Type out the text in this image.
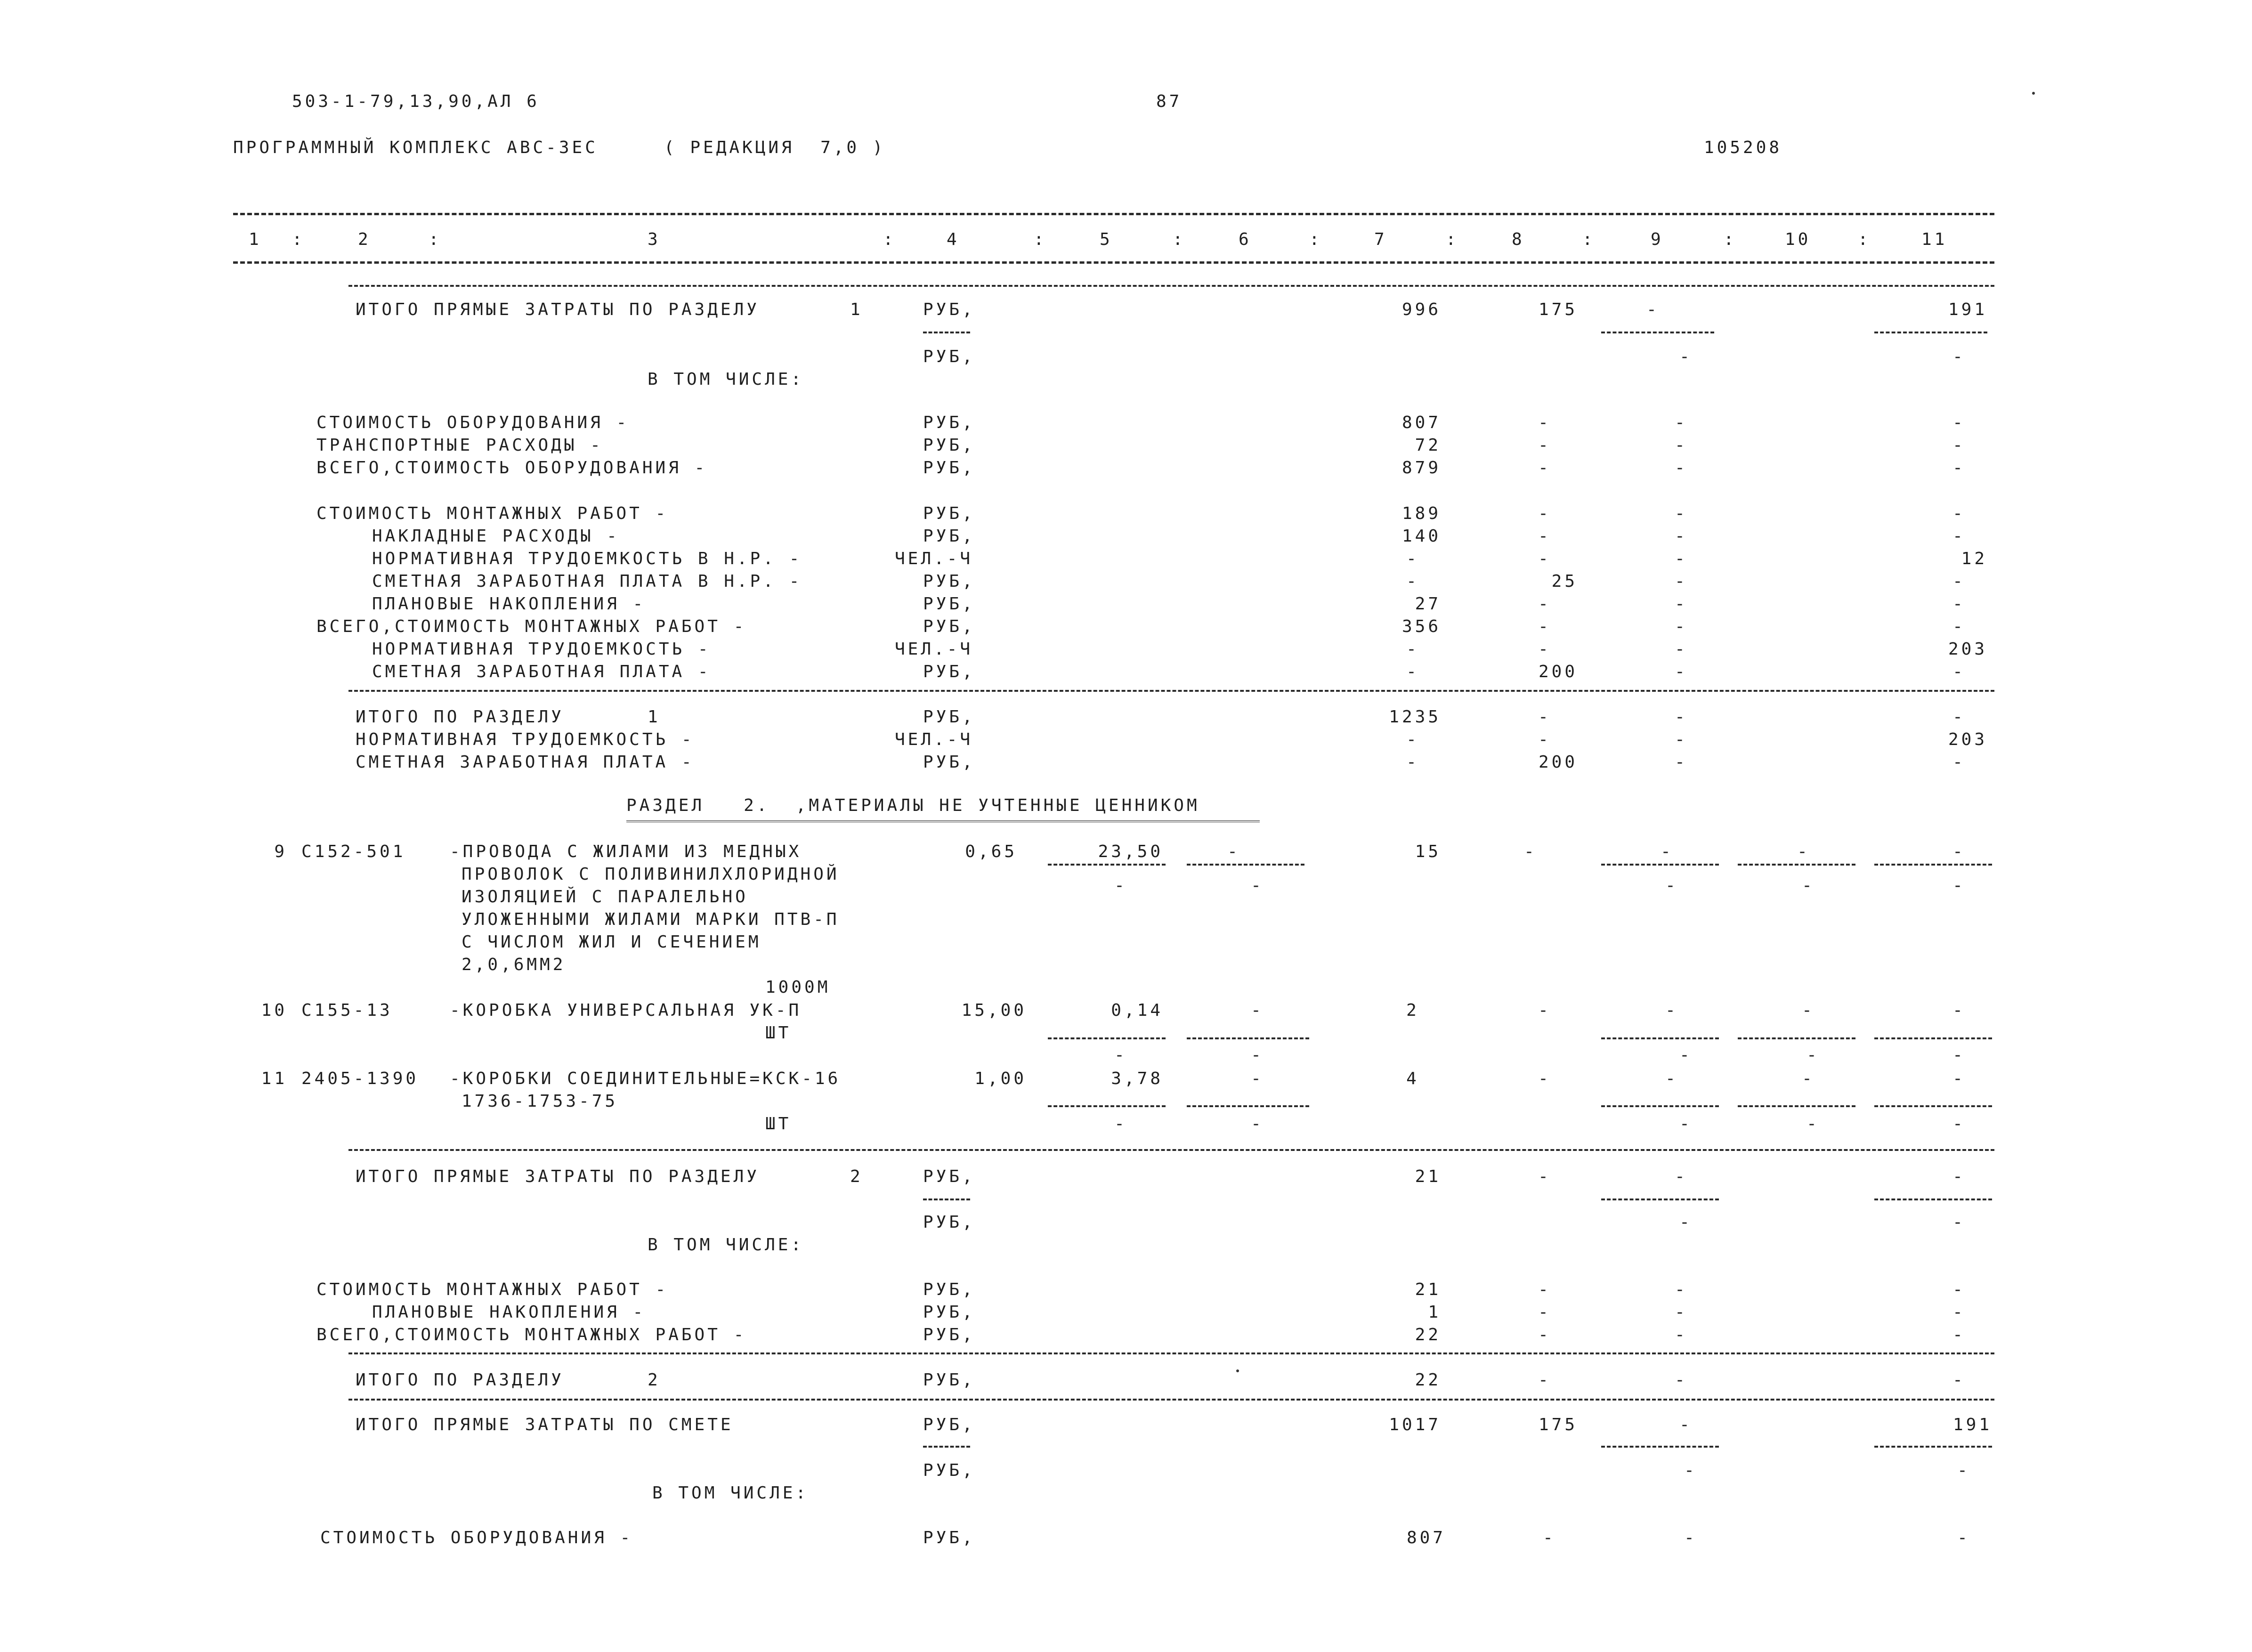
503-1-79,13,90,АЛ 6	87
ПРОГРАММНЫЙ КОМПЛЕКС АВС-3ЕС	( РЕДАКЦИЯ  7,0 )	105208
1 :	2	:	3	:	4	:	5	:	6	:	7	:	8	:	9	:	10	:	11
ИТОГО ПРЯМЫЕ ЗАТРАТЫ ПО РАЗДЕЛУ	1	РУБ,	996	175	-	191
РУБ,	-	-
В ТОМ ЧИСЛЕ:
СТОИМОСТЬ ОБОРУДОВАНИЯ -	РУБ,	807	-	-	-
ТРАНСПОРТНЫЕ РАСХОДЫ -	РУБ,	72	-	-	-
ВСЕГО,СТОИМОСТЬ ОБОРУДОВАНИЯ -	РУБ,	879	-	-	-
СТОИМОСТЬ МОНТАЖНЫХ РАБОТ -	РУБ,	189	-	-	-
НАКЛАДНЫЕ РАСХОДЫ -	РУБ,	140	-	-	-
НОРМАТИВНАЯ ТРУДОЕМКОСТЬ В Н.Р. -	ЧЕЛ.-Ч	-	-	-	12
СМЕТНАЯ ЗАРАБОТНАЯ ПЛАТА В Н.Р. -	РУБ,	-	25	-	-
ПЛАНОВЫЕ НАКОПЛЕНИЯ -	РУБ,	27	-	-	-
ВСЕГО,СТОИМОСТЬ МОНТАЖНЫХ РАБОТ -	РУБ,	356	-	-	-
НОРМАТИВНАЯ ТРУДОЕМКОСТЬ -	ЧЕЛ.-Ч	-	-	-	203
СМЕТНАЯ ЗАРАБОТНАЯ ПЛАТА -	РУБ,	-	200	-	-
ИТОГО ПО РАЗДЕЛУ	1	РУБ,	1235	-	-	-
НОРМАТИВНАЯ ТРУДОЕМКОСТЬ -	ЧЕЛ.-Ч	-	-	-	203
СМЕТНАЯ ЗАРАБОТНАЯ ПЛАТА -	РУБ,	-	200	-	-
РАЗДЕЛ   2.  ,МАТЕРИАЛЫ НЕ УЧТЕННЫЕ ЦЕННИКОМ
9 С152-501	-ПРОВОДА С ЖИЛАМИ ИЗ МЕДНЫХ
ПРОВОЛОК С ПОЛИВИНИЛХЛОРИДНОЙ
ИЗОЛЯЦИЕЙ С ПАРАЛЕЛЬНО
УЛОЖЕННЫМИ ЖИЛАМИ МАРКИ ПТВ-П
С ЧИСЛОМ ЖИЛ И СЕЧЕНИЕМ
2,0,6ММ2
1000М
0,65	23,50	-	15	-	-	-	-
-	-	-	-	-
10 С155-13	-КОРОБКА УНИВЕРСАЛЬНАЯ УК-П
ШТ
15,00	0,14	-	2	-	-	-	-
-	-	-	-	-
11 2405-1390 -КОРОБКИ СОЕДИНИТЕЛЬНЫЕ=КСК-16
1736-1753-75
ШТ
1,00	3,78	-	4	-	-	-	-
-	-	-	-	-
ИТОГО ПРЯМЫЕ ЗАТРАТЫ ПО РАЗДЕЛУ	2	РУБ,	21	-	-	-
РУБ,	-	-
В ТОМ ЧИСЛЕ:
СТОИМОСТЬ МОНТАЖНЫХ РАБОТ -	РУБ,	21	-	-	-
ПЛАНОВЫЕ НАКОПЛЕНИЯ -	РУБ,	1	-	-	-
ВСЕГО,СТОИМОСТЬ МОНТАЖНЫХ РАБОТ -	РУБ,	22	-	-	-
ИТОГО ПО РАЗДЕЛУ	2	РУБ,	22	-	-	-
ИТОГО ПРЯМЫЕ ЗАТРАТЫ ПО СМЕТЕ	РУБ,	1017	175	-	191
РУБ,	-	-
В ТОМ ЧИСЛЕ:
СТОИМОСТЬ ОБОРУДОВАНИЯ -	РУБ,	807	-	-	-
